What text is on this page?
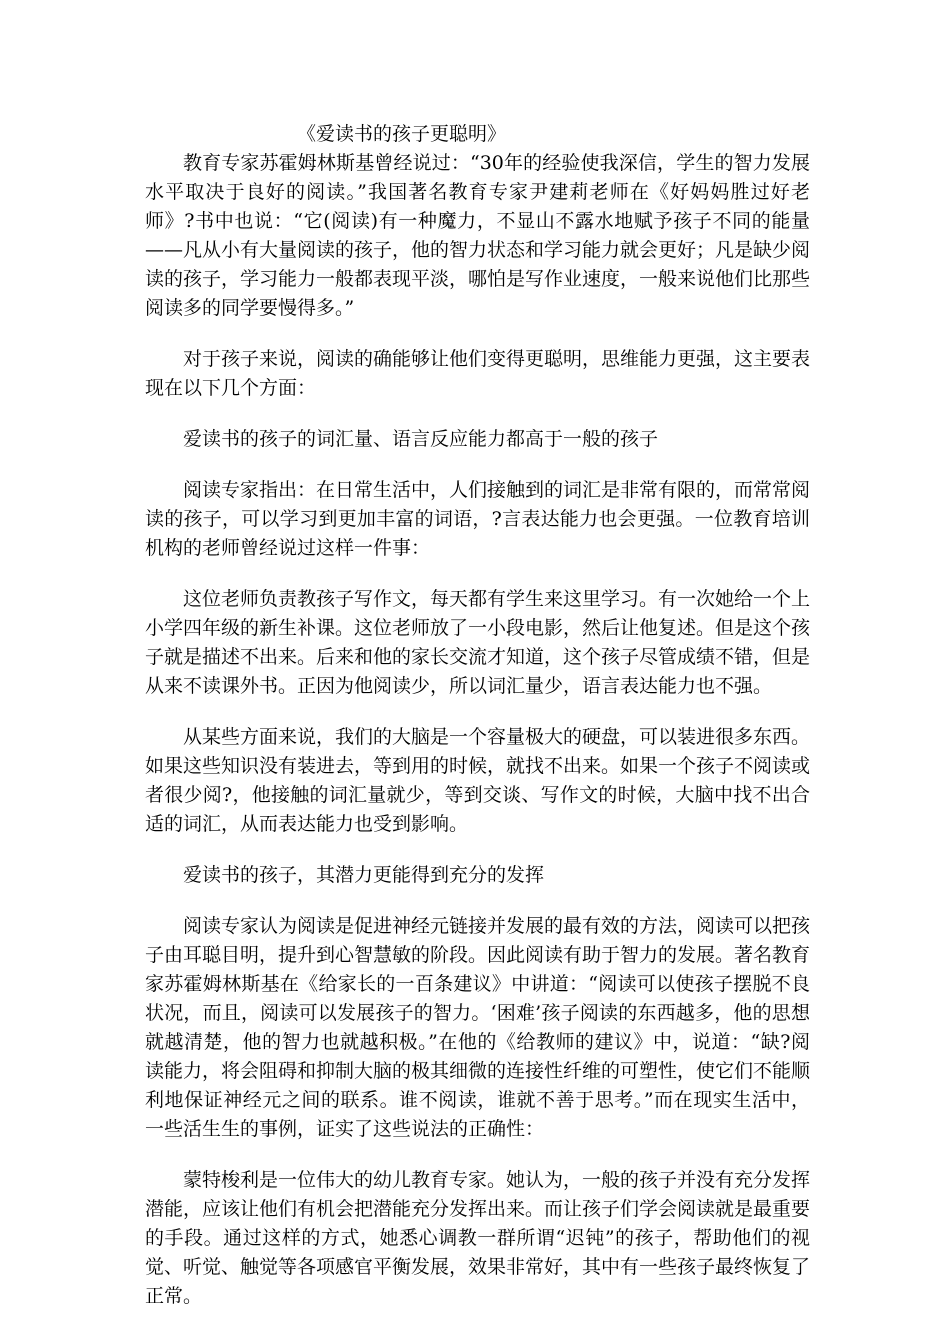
《爱读书的孩子更聪明》

教育专家苏霍姆林斯基曾经说过：“30年的经验使我深信，学生的智力发展水平取决于良好的阅读。”我国著名教育专家尹建莉老师在《好妈妈胜过好老师》?书中也说：“它(阅读)有一种魔力，不显山不露水地赋予孩子不同的能量——凡从小有大量阅读的孩子，他的智力状态和学习能力就会更好；凡是缺少阅读的孩子，学习能力一般都表现平淡，哪怕是写作业速度，一般来说他们比那些阅读多的同学要慢得多。”

对于孩子来说，阅读的确能够让他们变得更聪明，思维能力更强，这主要表现在以下几个方面：

爱读书的孩子的词汇量、语言反应能力都高于一般的孩子

阅读专家指出：在日常生活中，人们接触到的词汇是非常有限的，而常常阅读的孩子，可以学习到更加丰富的词语，?言表达能力也会更强。一位教育培训机构的老师曾经说过这样一件事：

这位老师负责教孩子写作文，每天都有学生来这里学习。有一次她给一个上小学四年级的新生补课。这位老师放了一小段电影，然后让他复述。但是这个孩子就是描述不出来。后来和他的家长交流才知道，这个孩子尽管成绩不错，但是从来不读课外书。正因为他阅读少，所以词汇量少，语言表达能力也不强。

从某些方面来说，我们的大脑是一个容量极大的硬盘，可以装进很多东西。如果这些知识没有装进去，等到用的时候，就找不出来。如果一个孩子不阅读或者很少阅?，他接触的词汇量就少，等到交谈、写作文的时候，大脑中找不出合适的词汇，从而表达能力也受到影响。

爱读书的孩子，其潜力更能得到充分的发挥

阅读专家认为阅读是促进神经元链接并发展的最有效的方法，阅读可以把孩子由耳聪目明，提升到心智慧敏的阶段。因此阅读有助于智力的发展。著名教育家苏霍姆林斯基在《给家长的一百条建议》中讲道：“阅读可以使孩子摆脱不良状况，而且，阅读可以发展孩子的智力。‘困难’孩子阅读的东西越多，他的思想就越清楚，他的智力也就越积极。”在他的《给教师的建议》中，说道：“缺?阅读能力，将会阻碍和抑制大脑的极其细微的连接性纤维的可塑性，使它们不能顺利地保证神经元之间的联系。谁不阅读，谁就不善于思考。”而在现实生活中，一些活生生的事例，证实了这些说法的正确性：

蒙特梭利是一位伟大的幼儿教育专家。她认为，一般的孩子并没有充分发挥潜能，应该让他们有机会把潜能充分发挥出来。而让孩子们学会阅读就是最重要的手段。通过这样的方式，她悉心调教一群所谓“迟钝”的孩子，帮助他们的视觉、听觉、触觉等各项感官平衡发展，效果非常好，其中有一些孩子最终恢复了正常。
